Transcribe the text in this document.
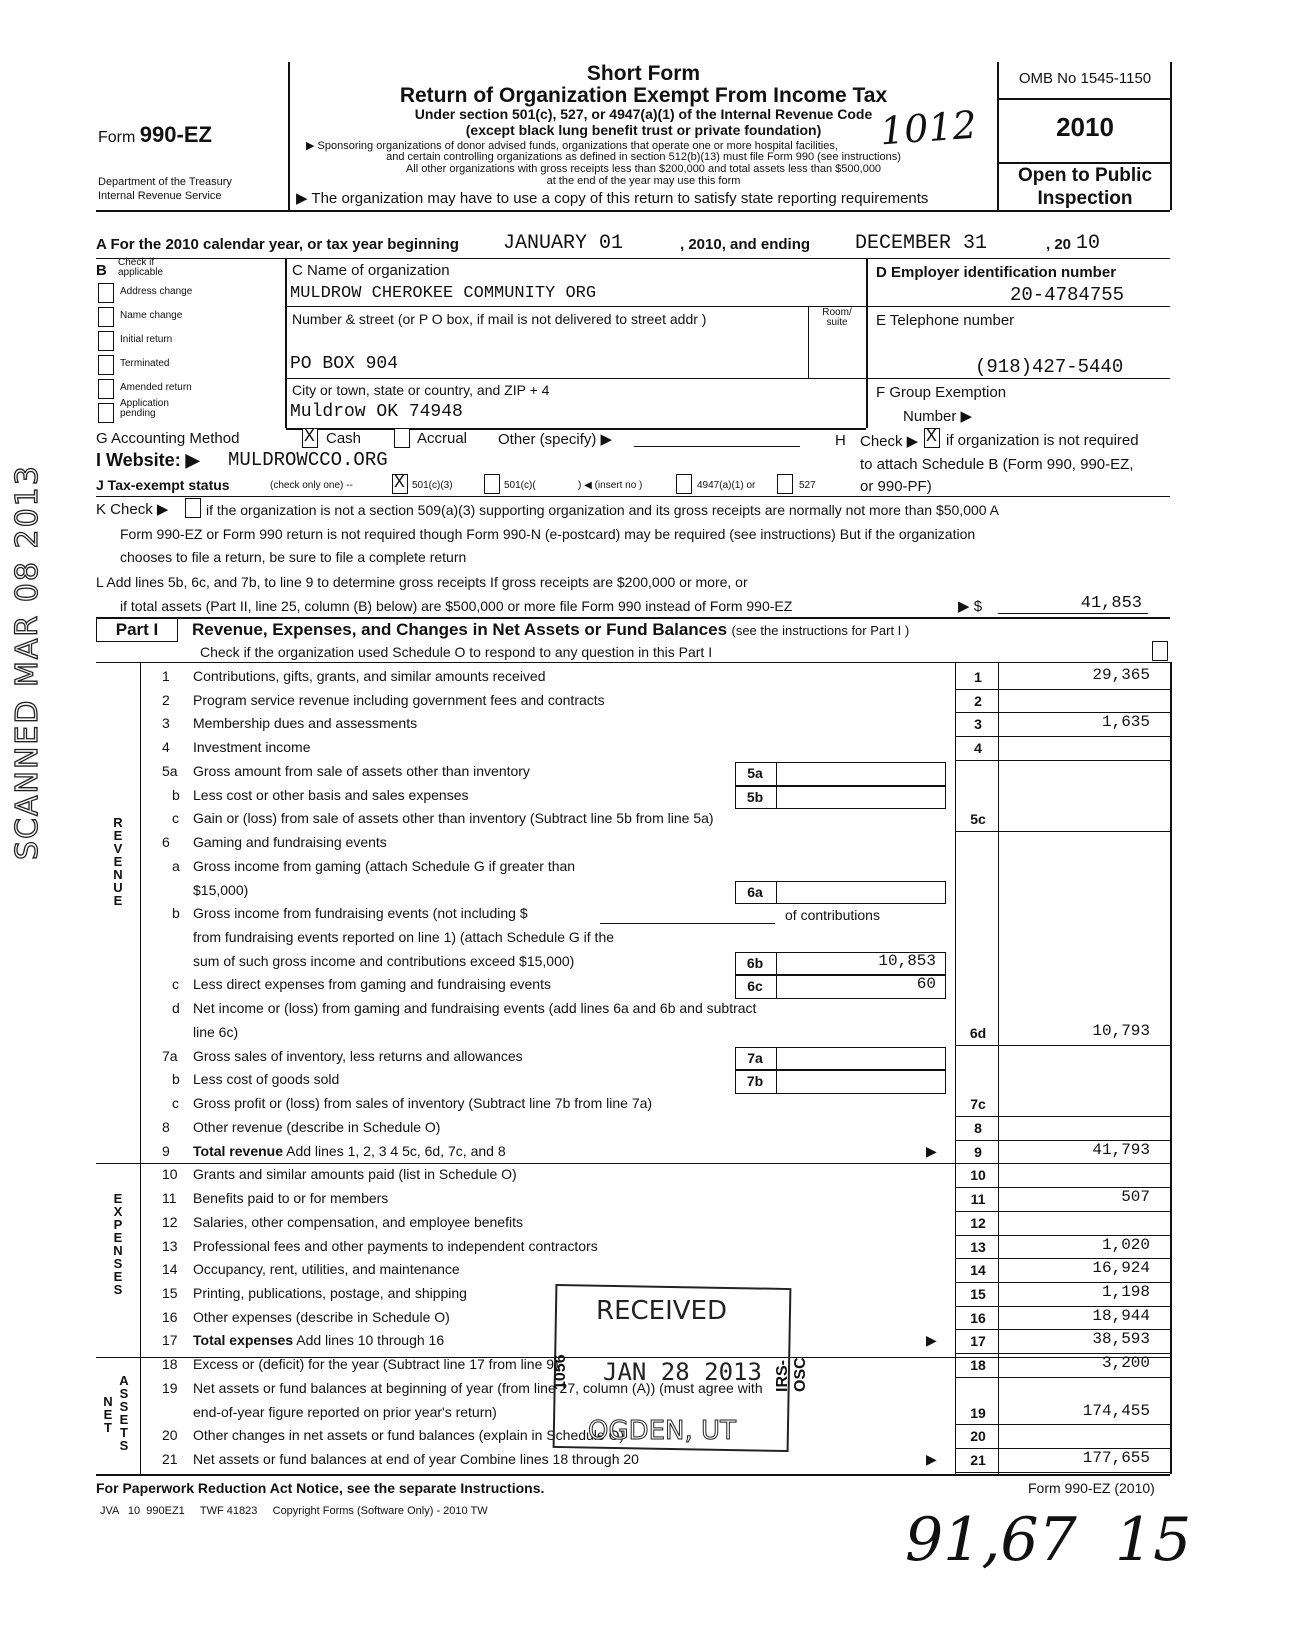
Form 990-EZ
Department of the Treasury
Internal Revenue Service
Short Form
Return of Organization Exempt From Income Tax
Under section 501(c), 527, or 4947(a)(1) of the Internal Revenue Code
(except black lung benefit trust or private foundation)
▶ Sponsoring organizations of donor advised funds, organizations that operate one or more hospital facilities,
and certain controlling organizations as defined in section 512(b)(13) must file Form 990 (see instructions)
All other organizations with gross receipts less than $200,000 and total assets less than $500,000
at the end of the year may use this form
▶ The organization may have to use a copy of this return to satisfy state reporting requirements
OMB No 1545-1150
2010
Open to Public
Inspection
1012
A For the 2010 calendar year, or tax year beginning JANUARY 01	, 2010, and ending DECEMBER 31	, 20 10
B Check if applicable
Address change
Name change
Initial return
Terminated
Amended return
Application pending
C Name of organization
MULDROW CHEROKEE COMMUNITY ORG
Number & street (or P O box, if mail is not delivered to street addr )	Room/ suite
PO BOX 904
City or town, state or country, and ZIP + 4
Muldrow OK 74948
D Employer identification number
20-4784755
E Telephone number
(918)427-5440
F Group Exemption
Number ▶
G Accounting Method	X Cash	Accrual Other (specify) ▶	H Check ▶ X if organization is not required
to attach Schedule B (Form 990, 990-EZ,
or 990-PF)
I Website: ▶ MULDROWCCO.ORG
J Tax-exempt status	(check only one) -- X 501(c)(3)	501(c)(	) ◀ (insert no )	4947(a)(1) or	527
K Check ▶	if the organization is not a section 509(a)(3) supporting organization and its gross receipts are normally not more than $50,000 A
Form 990-EZ or Form 990 return is not required though Form 990-N (e-postcard) may be required (see instructions) But if the organization
chooses to file a return, be sure to file a complete return
L Add lines 5b, 6c, and 7b, to line 9 to determine gross receipts If gross receipts are $200,000 or more, or
if total assets (Part II, line 25, column (B) below) are $500,000 or more file Form 990 instead of Form 990-EZ	▶ $	41,853
Part I	Revenue, Expenses, and Changes in Net Assets or Fund Balances (see the instructions for Part I )
Check if the organization used Schedule O to respond to any question in this Part I
R
E
V
E
N
U
E
E
X
P
E
N
S
E
S
N
E
T
A
S
S
E
T
S
1 Contributions, gifts, grants, and similar amounts received	1	29,365
2 Program service revenue including government fees and contracts	2
3 Membership dues and assessments	3	1,635
4 Investment income	4
5a Gross amount from sale of assets other than inventory	5a
b Less cost or other basis and sales expenses	5b
c Gain or (loss) from sale of assets other than inventory (Subtract line 5b from line 5a)	5c
6 Gaming and fundraising events
a Gross income from gaming (attach Schedule G if greater than
$15,000)	6a
b Gross income from fundraising events (not including $
from fundraising events reported on line 1) (attach Schedule G if the
sum of such gross income and contributions exceed $15,000)	6b	10,853
c Less direct expenses from gaming and fundraising events	6c	60
d Net income or (loss) from gaming and fundraising events (add lines 6a and 6b and subtract
line 6c)	6d	10,793
7a Gross sales of inventory, less returns and allowances	7a
b Less cost of goods sold	7b
c Gross profit or (loss) from sales of inventory (Subtract line 7b from line 7a)	7c
8 Other revenue (describe in Schedule O)	8
9 Total revenue Add lines 1, 2, 3 4 5c, 6d, 7c, and 8	▶	9	41,793
10 Grants and similar amounts paid (list in Schedule O)	10
11 Benefits paid to or for members	11	507
12 Salaries, other compensation, and employee benefits	12
13 Professional fees and other payments to independent contractors	13	1,020
14 Occupancy, rent, utilities, and maintenance	14	16,924
15 Printing, publications, postage, and shipping	15	1,198
16 Other expenses (describe in Schedule O)	16	18,944
17 Total expenses Add lines 10 through 16	▶	17	38,593
18 Excess or (deficit) for the year (Subtract line 17 from line 9)	18	3,200
19 Net assets or fund balances at beginning of year (from line 27, column (A)) (must agree with
end-of-year figure reported on prior year's return)	19	174,455
20 Other changes in net assets or fund balances (explain in Schedule O)	20
21 Net assets or fund balances at end of year Combine lines 18 through 20	▶	21	177,655
of contributions
SCANNED MAR 08 2013
RECEIVED
JAN 28 2013
OGDEN, UT
1056	IRS-OSC
For Paperwork Reduction Act Notice, see the separate Instructions.	Form 990-EZ (2010)
JVA   10  990EZ1     TWF 41823     Copyright Forms (Software Only) - 2010 TW	91,67  15
